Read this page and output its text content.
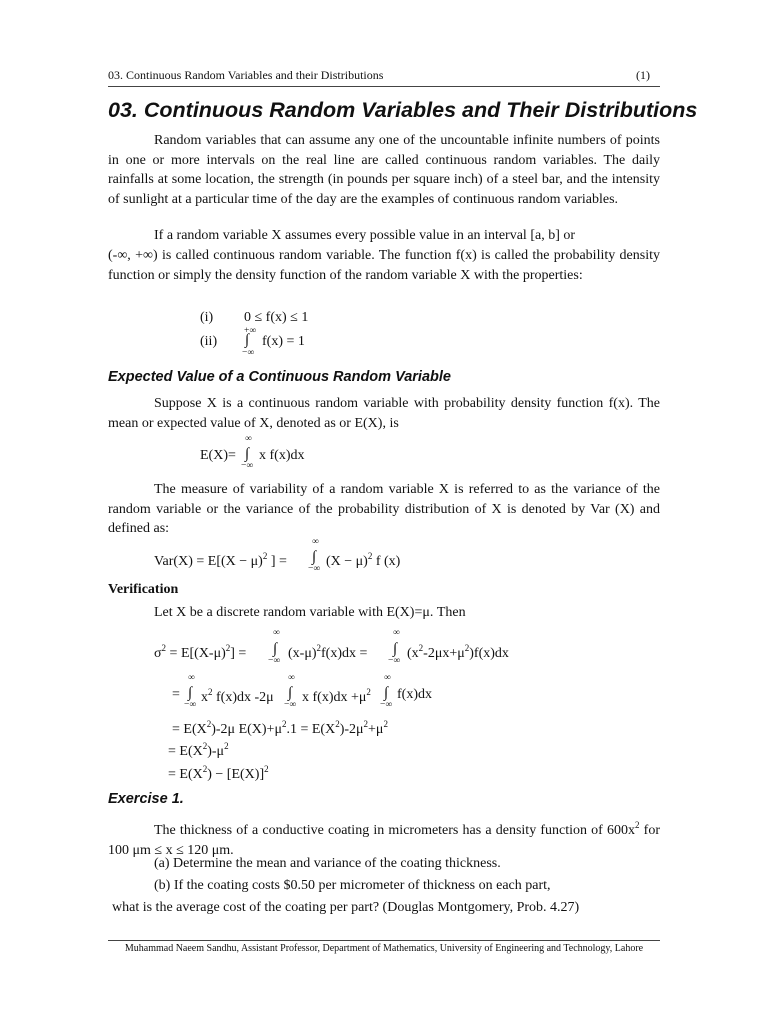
03. Continuous Random Variables and their Distributions	(1)
03. Continuous Random Variables and Their Distributions

Random variables that can assume any one of the uncountable infinite numbers of points in one or more intervals on the real line are called continuous random variables. The daily rainfalls at some location, the strength (in pounds per square inch) of a steel bar, and the intensity of sunlight at a particular time of the day are the examples of continuous random variables.

If a random variable X assumes every possible value in an interval [a, b] or

(-∞, +∞) is called continuous random variable. The function f(x) is called the probability density function or simply the density function of the random variable X with the properties:

(i) 0 ≤ f(x) ≤ 1
(ii)
+∞
∫
−∞
f(x) = 1
Expected Value of a Continuous Random Variable

Suppose X is a continuous random variable with probability density function f(x). The mean or expected value of X, denoted as or E(X), is

E(X)=
∞
∫
−∞
x f(x)dx

The measure of variability of a random variable X is referred to as the variance of the random variable or the variance of the probability distribution of X is denoted by Var (X) and defined as:

$Var(X) = E[(X - \mu)^2$ ] =
∞
∫
−∞ $(X - \mu)^2$ f (x)
Verification

Let X be a discrete random variable with E(X)=μ. Then

$\sigma^2 = E[(X-\mu)^2]$ =
∞
∫
−∞ $(x-\mu)^2f(x)dx$ =
∞
∫
−∞ $(x^2-2\mu x+\mu^2)f(x)dx$
=
∞
∫
−∞ $x^2$ f(x)dx -2μ
∞
∫
−∞ x $f(x)dx +\mu^2$
∞
∫
−∞
f(x)dx
= $E(X^2)-2\mu$ $E(X)+\mu^2.1 = E(X^2)-2\mu^2+\mu^2$
= $E(X^2)-\mu^2$
= $E(X^2) - [E(X)]^2$
Exercise 1.

The thickness of a conductive coating in micrometers has a density function of $600x^2$ for 100 μm ≤ x ≤ 120 μm.

(a) Determine the mean and variance of the coating thickness.
(b) If the coating costs $0.50 per micrometer of thickness on each part,
what is the average cost of the coating per part? (Douglas Montgomery, Prob. 4.27)
Muhammad Naeem Sandhu, Assistant Professor, Department of Mathematics, University of Engineering and Technology, Lahore
